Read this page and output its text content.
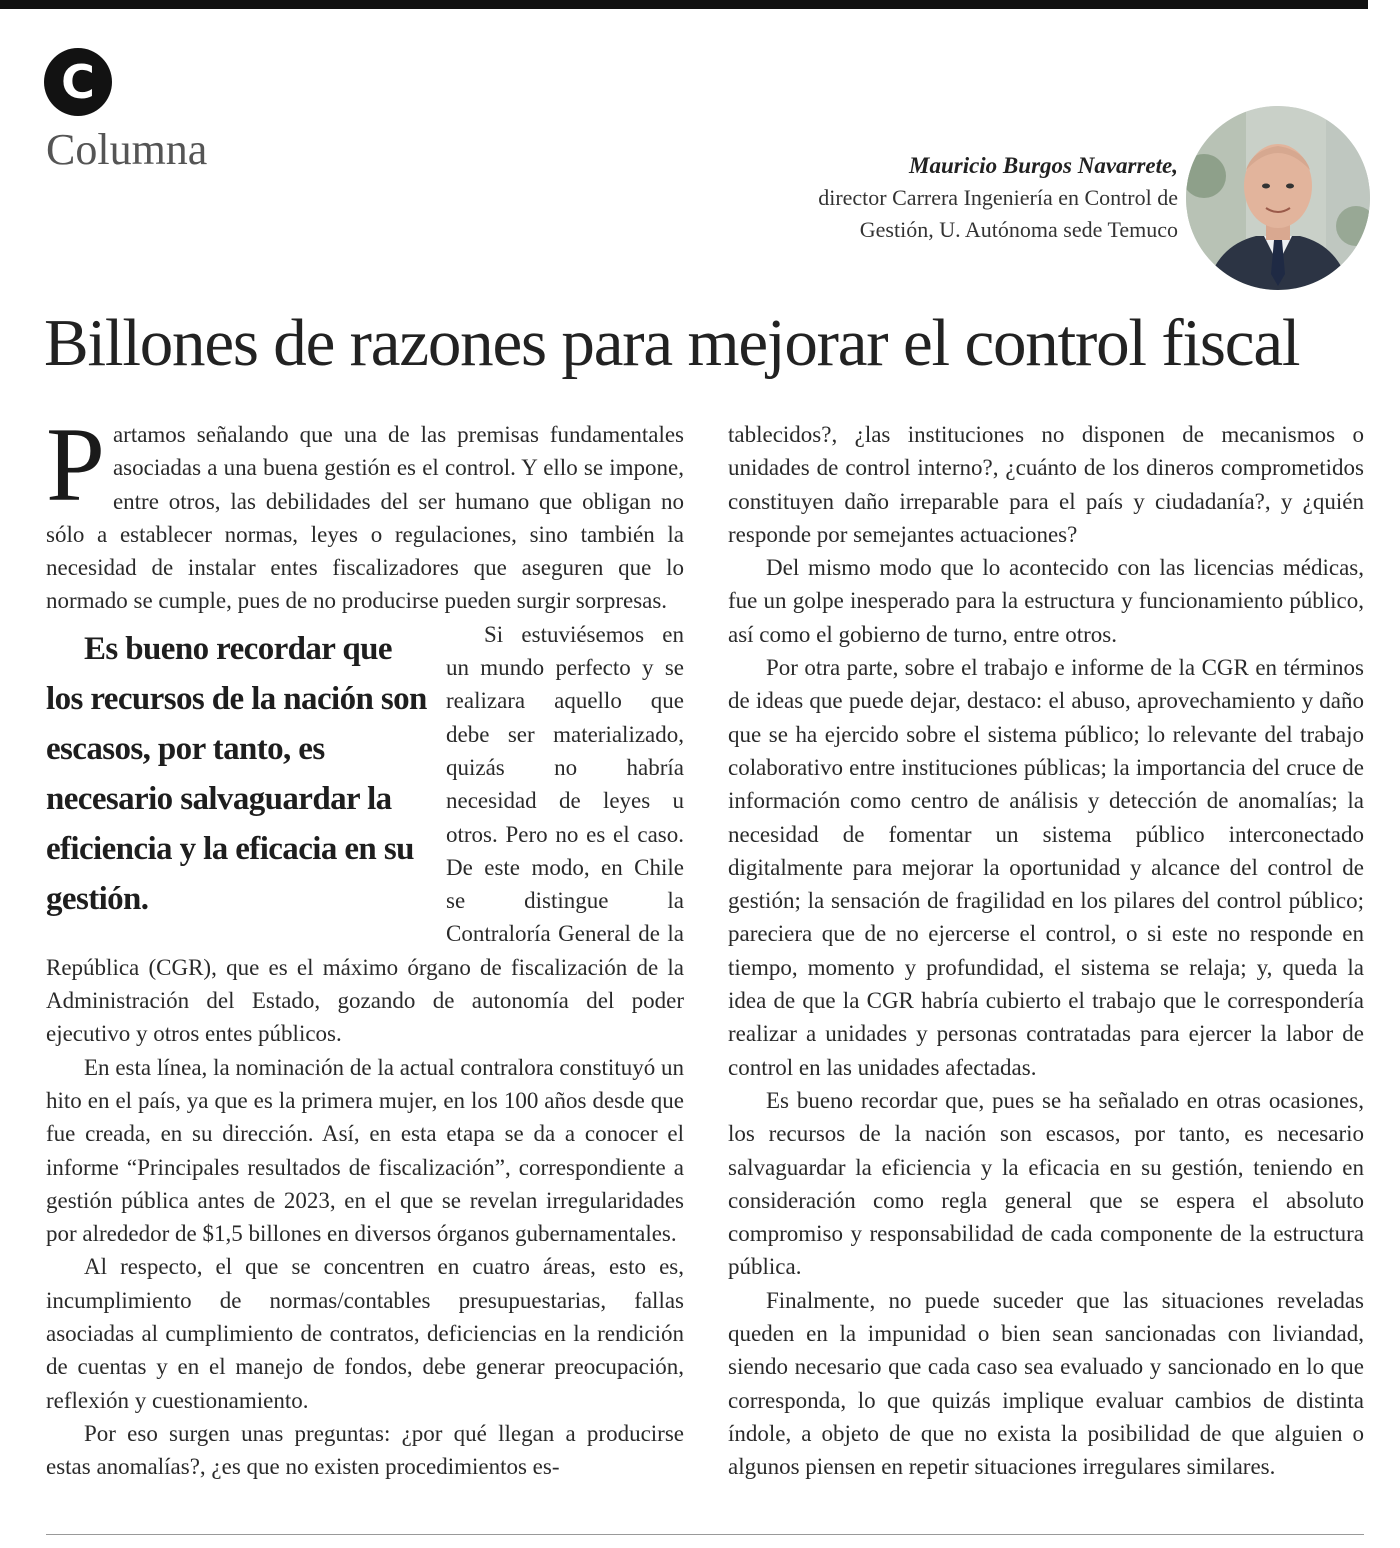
C
Columna	Mauricio Burgos Navarrete,
director Carrera Ingeniería en Control de
Gestión, U. Autónoma sede Temuco
Billones de razones para mejorar el control fiscal

Partamos señalando que una de las premisas fundamentales asociadas a una buena gestión es el control. Y ello se impone, entre otros, las debilidades del ser humano que obligan no sólo a establecer normas, leyes o regulaciones, sino también la necesidad de instalar entes fiscalizadores que aseguren que lo normado se cumple, pues de no producirse pueden surgir sorpresas.

Es bueno recordar que los recursos de la nación son escasos, por tanto, es necesario salvaguardar la eficiencia y la eficacia en su gestión.
Si estuviésemos en un mundo perfecto y se realizara aquello que debe ser materializado, quizás no habría necesidad de leyes u otros. Pero no es el caso. De este modo, en Chile se distingue la Contraloría General de la República (CGR), que es el máximo órgano de fiscalización de la Administración del Estado, gozando de autonomía del poder ejecutivo y otros entes públicos.

En esta línea, la nominación de la actual contralora constituyó un hito en el país, ya que es la primera mujer, en los 100 años desde que fue creada, en su dirección. Así, en esta etapa se da a conocer el informe “Principales resultados de fiscalización”, correspondiente a gestión pública antes de 2023, en el que se revelan irregularidades por alrededor de $1,5 billones en diversos órganos gubernamentales.

Al respecto, el que se concentren en cuatro áreas, esto es, incumplimiento de normas/contables presupuestarias, fallas asociadas al cumplimiento de contratos, deficiencias en la rendición de cuentas y en el manejo de fondos, debe generar preocupación, reflexión y cuestionamiento.

Por eso surgen unas preguntas: ¿por qué llegan a producirse estas anomalías?, ¿es que no existen procedimientos es-

tablecidos?, ¿las instituciones no disponen de mecanismos o unidades de control interno?, ¿cuánto de los dineros comprometidos constituyen daño irreparable para el país y ciudadanía?, y ¿quién responde por semejantes actuaciones?

Del mismo modo que lo acontecido con las licencias médicas, fue un golpe inesperado para la estructura y funcionamiento público, así como el gobierno de turno, entre otros.

Por otra parte, sobre el trabajo e informe de la CGR en términos de ideas que puede dejar, destaco: el abuso, aprovechamiento y daño que se ha ejercido sobre el sistema público; lo relevante del trabajo colaborativo entre instituciones públicas; la importancia del cruce de información como centro de análisis y detección de anomalías; la necesidad de fomentar un sistema público interconectado digitalmente para mejorar la oportunidad y alcance del control de gestión; la sensación de fragilidad en los pilares del control público; pareciera que de no ejercerse el control, o si este no responde en tiempo, momento y profundidad, el sistema se relaja; y, queda la idea de que la CGR habría cubierto el trabajo que le correspondería realizar a unidades y personas contratadas para ejercer la labor de control en las unidades afectadas.

Es bueno recordar que, pues se ha señalado en otras ocasiones, los recursos de la nación son escasos, por tanto, es necesario salvaguardar la eficiencia y la eficacia en su gestión, teniendo en consideración como regla general que se espera el absoluto compromiso y responsabilidad de cada componente de la estructura pública.

Finalmente, no puede suceder que las situaciones reveladas queden en la impunidad o bien sean sancionadas con liviandad, siendo necesario que cada caso sea evaluado y sancionado en lo que corresponda, lo que quizás implique evaluar cambios de distinta índole, a objeto de que no exista la posibilidad de que alguien o algunos piensen en repetir situaciones irregulares similares.
